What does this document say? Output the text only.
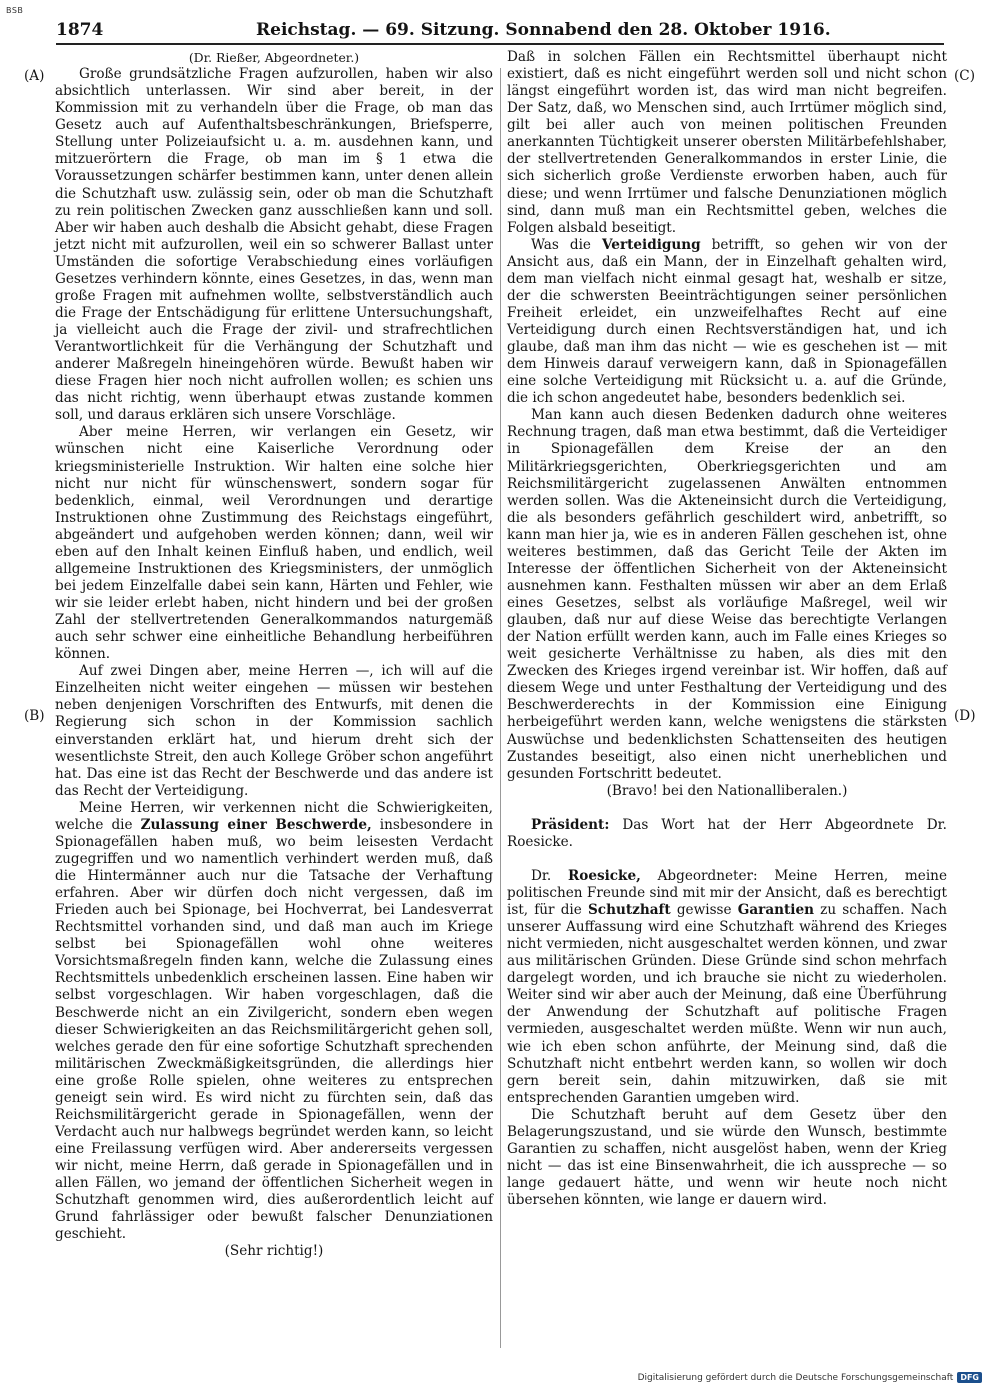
BSB
1874	Reichstag. — 69. Sitzung. Sonnabend den 28. Oktober 1916.
(A)
(B)
(C)
(D)

(Dr. Rießer, Abgeordneter.)

Große grundsätzliche Fragen aufzurollen, haben wir also absichtlich unterlassen. Wir sind aber bereit, in der Kommission mit zu verhandeln über die Frage, ob man das Gesetz auch auf Aufenthaltsbeschränkungen, Briefsperre, Stellung unter Polizeiaufsicht u. a. m. ausdehnen kann, und mitzuerörtern die Frage, ob man im § 1 etwa die Voraussetzungen schärfer bestimmen kann, unter denen allein die Schutzhaft usw. zulässig sein, oder ob man die Schutzhaft zu rein politischen Zwecken ganz ausschließen kann und soll. Aber wir haben auch deshalb die Absicht gehabt, diese Fragen jetzt nicht mit aufzurollen, weil ein so schwerer Ballast unter Umständen die sofortige Verabschiedung eines vorläufigen Gesetzes verhindern könnte, eines Gesetzes, in das, wenn man große Fragen mit aufnehmen wollte, selbstverständlich auch die Frage der Entschädigung für erlittene Untersuchungshaft, ja vielleicht auch die Frage der zivil- und strafrechtlichen Verantwortlichkeit für die Verhängung der Schutzhaft und anderer Maßregeln hineingehören würde. Bewußt haben wir diese Fragen hier noch nicht aufrollen wollen; es schien uns das nicht richtig, wenn überhaupt etwas zustande kommen soll, und daraus erklären sich unsere Vorschläge.

Aber meine Herren, wir verlangen ein Gesetz, wir wünschen nicht eine Kaiserliche Verordnung oder kriegsministerielle Instruktion. Wir halten eine solche hier nicht nur nicht für wünschenswert, sondern sogar für bedenklich, einmal, weil Verordnungen und derartige Instruktionen ohne Zustimmung des Reichstags eingeführt, abgeändert und aufgehoben werden können; dann, weil wir eben auf den Inhalt keinen Einfluß haben, und endlich, weil allgemeine Instruktionen des Kriegsministers, der unmöglich bei jedem Einzelfalle dabei sein kann, Härten und Fehler, wie wir sie leider erlebt haben, nicht hindern und bei der großen Zahl der stellvertretenden Generalkommandos naturgemäß auch sehr schwer eine einheitliche Behandlung herbeiführen können.

Auf zwei Dingen aber, meine Herren —, ich will auf die Einzelheiten nicht weiter eingehen — müssen wir bestehen neben denjenigen Vorschriften des Entwurfs, mit denen die Regierung sich schon in der Kommission sachlich einverstanden erklärt hat, und hierum dreht sich der wesentlichste Streit, den auch Kollege Gröber schon angeführt hat. Das eine ist das Recht der Beschwerde und das andere ist das Recht der Verteidigung.

Meine Herren, wir verkennen nicht die Schwierigkeiten, welche die Zulassung einer Beschwerde, insbesondere in Spionagefällen haben muß, wo beim leisesten Verdacht zugegriffen und wo namentlich verhindert werden muß, daß die Hintermänner auch nur die Tatsache der Verhaftung erfahren. Aber wir dürfen doch nicht vergessen, daß im Frieden auch bei Spionage, bei Hochverrat, bei Landesverrat Rechtsmittel vorhanden sind, und daß man auch im Kriege selbst bei Spionagefällen wohl ohne weiteres Vorsichtsmaßregeln finden kann, welche die Zulassung eines Rechtsmittels unbedenklich erscheinen lassen. Eine haben wir selbst vorgeschlagen. Wir haben vorgeschlagen, daß die Beschwerde nicht an ein Zivilgericht, sondern eben wegen dieser Schwierigkeiten an das Reichsmilitärgericht gehen soll, welches gerade den für eine sofortige Schutzhaft sprechenden militärischen Zweckmäßigkeitsgründen, die allerdings hier eine große Rolle spielen, ohne weiteres zu entsprechen geneigt sein wird. Es wird nicht zu fürchten sein, daß das Reichsmilitärgericht gerade in Spionagefällen, wenn der Verdacht auch nur halbwegs begründet werden kann, so leicht eine Freilassung verfügen wird. Aber andererseits vergessen wir nicht, meine Herrn, daß gerade in Spionagefällen und in allen Fällen, wo jemand der öffentlichen Sicherheit wegen in Schutzhaft genommen wird, dies außerordentlich leicht auf Grund fahrlässiger oder bewußt falscher Denunziationen geschieht.

(Sehr richtig!)

Daß in solchen Fällen ein Rechtsmittel überhaupt nicht existiert, daß es nicht eingeführt werden soll und nicht schon längst eingeführt worden ist, das wird man nicht begreifen. Der Satz, daß, wo Menschen sind, auch Irrtümer möglich sind, gilt bei aller auch von meinen politischen Freunden anerkannten Tüchtigkeit unserer obersten Militärbefehlshaber, der stellvertretenden Generalkommandos in erster Linie, die sich sicherlich große Verdienste erworben haben, auch für diese; und wenn Irrtümer und falsche Denunziationen möglich sind, dann muß man ein Rechtsmittel geben, welches die Folgen alsbald beseitigt.

Was die Verteidigung betrifft, so gehen wir von der Ansicht aus, daß ein Mann, der in Einzelhaft gehalten wird, dem man vielfach nicht einmal gesagt hat, weshalb er sitze, der die schwersten Beeinträchtigungen seiner persönlichen Freiheit erleidet, ein unzweifelhaftes Recht auf eine Verteidigung durch einen Rechtsverständigen hat, und ich glaube, daß man ihm das nicht — wie es geschehen ist — mit dem Hinweis darauf verweigern kann, daß in Spionagefällen eine solche Verteidigung mit Rücksicht u. a. auf die Gründe, die ich schon angedeutet habe, besonders bedenklich sei.

Man kann auch diesen Bedenken dadurch ohne weiteres Rechnung tragen, daß man etwa bestimmt, daß die Verteidiger in Spionagefällen dem Kreise der an den Militärkriegsgerichten, Oberkriegsgerichten und am Reichsmilitärgericht zugelassenen Anwälten entnommen werden sollen. Was die Akteneinsicht durch die Verteidigung, die als besonders gefährlich geschildert wird, anbetrifft, so kann man hier ja, wie es in anderen Fällen geschehen ist, ohne weiteres bestimmen, daß das Gericht Teile der Akten im Interesse der öffentlichen Sicherheit von der Akteneinsicht ausnehmen kann. Festhalten müssen wir aber an dem Erlaß eines Gesetzes, selbst als vorläufige Maßregel, weil wir glauben, daß nur auf diese Weise das berechtigte Verlangen der Nation erfüllt werden kann, auch im Falle eines Krieges so weit gesicherte Verhältnisse zu haben, als dies mit den Zwecken des Krieges irgend vereinbar ist. Wir hoffen, daß auf diesem Wege und unter Festhaltung der Verteidigung und des Beschwerderechts in der Kommission eine Einigung herbeigeführt werden kann, welche wenigstens die stärksten Auswüchse und bedenklichsten Schattenseiten des heutigen Zustandes beseitigt, also einen nicht unerheblichen und gesunden Fortschritt bedeutet.

(Bravo! bei den Nationalliberalen.)

Präsident: Das Wort hat der Herr Abgeordnete Dr. Roesicke.

Dr. Roesicke, Abgeordneter: Meine Herren, meine politischen Freunde sind mit mir der Ansicht, daß es berechtigt ist, für die Schutzhaft gewisse Garantien zu schaffen. Nach unserer Auffassung wird eine Schutzhaft während des Krieges nicht vermieden, nicht ausgeschaltet werden können, und zwar aus militärischen Gründen. Diese Gründe sind schon mehrfach dargelegt worden, und ich brauche sie nicht zu wiederholen. Weiter sind wir aber auch der Meinung, daß eine Überführung der Anwendung der Schutzhaft auf politische Fragen vermieden, ausgeschaltet werden müßte. Wenn wir nun auch, wie ich eben schon anführte, der Meinung sind, daß die Schutzhaft nicht entbehrt werden kann, so wollen wir doch gern bereit sein, dahin mitzuwirken, daß sie mit entsprechenden Garantien umgeben wird.

Die Schutzhaft beruht auf dem Gesetz über den Belagerungszustand, und sie würde den Wunsch, bestimmte Garantien zu schaffen, nicht ausgelöst haben, wenn der Krieg nicht — das ist eine Binsenwahrheit, die ich ausspreche — so lange gedauert hätte, und wenn wir heute noch nicht übersehen könnten, wie lange er dauern wird.

Digitalisierung gefördert durch die Deutsche Forschungsgemeinschaft DFG
